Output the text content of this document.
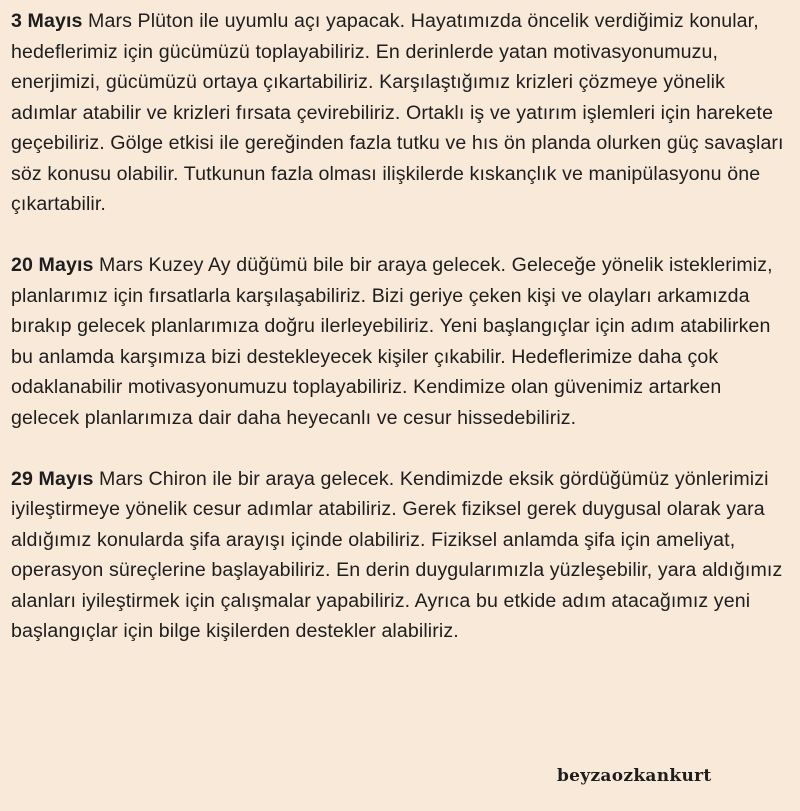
3 Mayıs Mars Plüton ile uyumlu açı yapacak. Hayatımızda öncelik verdiğimiz konular, hedeflerimiz için gücümüzü toplayabiliriz. En derinlerde yatan motivasyonumuzu, enerjimizi, gücümüzü ortaya çıkartabiliriz. Karşılaştığımız krizleri çözmeye yönelik adımlar atabilir ve krizleri fırsata çevirebiliriz. Ortaklı iş ve yatırım işlemleri için harekete geçebiliriz. Gölge etkisi ile gereğinden fazla tutku ve hıs ön planda olurken güç savaşları söz konusu olabilir. Tutkunun fazla olması ilişkilerde kıskançlık ve manipülasyonu öne çıkartabilir.

20 Mayıs Mars Kuzey Ay düğümü bile bir araya gelecek. Geleceğe yönelik isteklerimiz, planlarımız için fırsatlarla karşılaşabiliriz. Bizi geriye çeken kişi ve olayları arkamızda bırakıp gelecek planlarımıza doğru ilerleyebiliriz. Yeni başlangıçlar için adım atabilirken bu anlamda karşımıza bizi destekleyecek kişiler çıkabilir. Hedeflerimize daha çok odaklanabilir motivasyonumuzu toplayabiliriz. Kendimize olan güvenimiz artarken gelecek planlarımıza dair daha heyecanlı ve cesur hissedebiliriz.

29 Mayıs Mars Chiron ile bir araya gelecek. Kendimizde eksik gördüğümüz yönlerimizi iyileştirmeye yönelik cesur adımlar atabiliriz. Gerek fiziksel gerek duygusal olarak yara aldığımız konularda şifa arayışı içinde olabiliriz. Fiziksel anlamda şifa için ameliyat, operasyon süreçlerine başlayabiliriz. En derin duygularımızla yüzleşebilir, yara aldığımız alanları iyileştirmek için çalışmalar yapabiliriz. Ayrıca bu etkide adım atacağımız yeni başlangıçlar için bilge kişilerden destekler alabiliriz.

beyzaozkankurt
